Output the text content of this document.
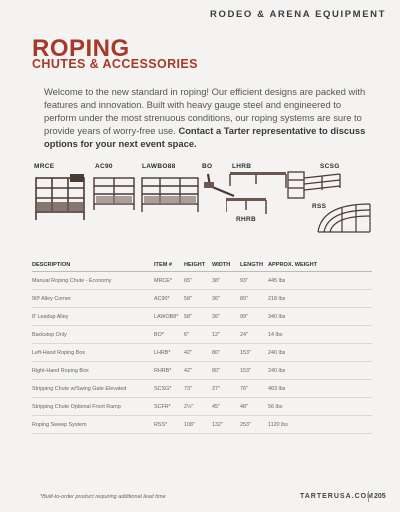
RODEO & ARENA EQUIPMENT
ROPING
CHUTES & ACCESSORIES
Welcome to the new standard in roping! Our efficient designs are packed with features and innovation. Built with heavy gauge steel and engineered to perform under the most strenuous conditions, our roping systems are sure to provide years of worry-free use. Contact a Tarter representative to discuss options for your next event space.
MRCE	AC90	LAWBO88	BO	LHRB
RHRB
SCSG
RSS
DESCRIPTION	ITEM #	HEIGHT	WIDTH	LENGTH	APPROX. WEIGHT
Manual Roping Chute - Economy	MRCE*	65"	38"	93"	445 lbs
90º Alley Corner	AC90*	58"	36"	80"	218 lbs
8' Leadup Alley	LAWOB8*	58"	36"	99"	340 lbs
Backstop Only	BO*	6"	12"	24"	14 lbs
Left-Hand Roping Box	LHRB*	42"	80"	153"	240 lbs
Right-Hand Roping Box	RHRB*	42"	80"	153"	240 lbs
Stripping Chute w/Swing Gate Elevated	SCSG*	73"	37"	76"	463 lbs
Stripping Chute Optional Front Ramp	SCFR*	2½"	45"	48"	56 lbs
Roping Sweep System	RSS*	108"	132"	253"	1120 lbs
*Built-to-order product requiring additional lead time	TARTERUSA.COM 205
